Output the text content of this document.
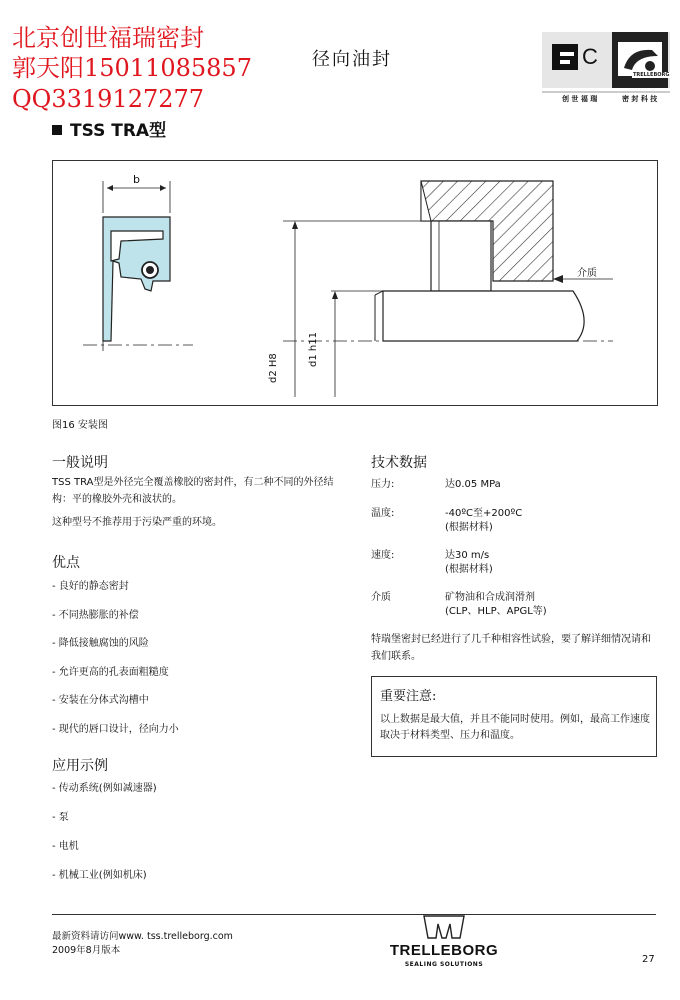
北京创世福瑞密封
郭天阳15011085857
QQ3319127277
径向油封
TSS TRA型
C
TRELLEBORG
创 世 福 瑞	密 封 科 技
b
介质
d2 H8
d1 h11
图16 安装图
一般说明
TSS TRA型是外径完全覆盖橡胶的密封件，有二种不同的外径结构：平的橡胶外壳和波状的。
这种型号不推荐用于污染严重的环境。
优点
- 良好的静态密封
- 不同热膨胀的补偿
- 降低接触腐蚀的风险
- 允许更高的孔表面粗糙度
- 安装在分体式沟槽中
- 现代的唇口设计，径向力小
应用示例
- 传动系统(例如减速器)
- 泵
- 电机
- 机械工业(例如机床)
技术数据
压力:	达0.05 MPa
温度:	-40ºC至+200ºC
(根据材料)
速度:	达30 m/s
(根据材料)
介质	矿物油和合成润滑剂
(CLP、HLP、APGL等)
特瑞堡密封已经进行了几千种相容性试验，要了解详细情况请和我们联系。
重要注意:
以上数据是最大值，并且不能同时使用。例如，最高工作速度取决于材料类型、压力和温度。
最新资料请访问www. tss.trelleborg.com
2009年8月版本	TRELLEBORG
SEALING SOLUTIONS	27
